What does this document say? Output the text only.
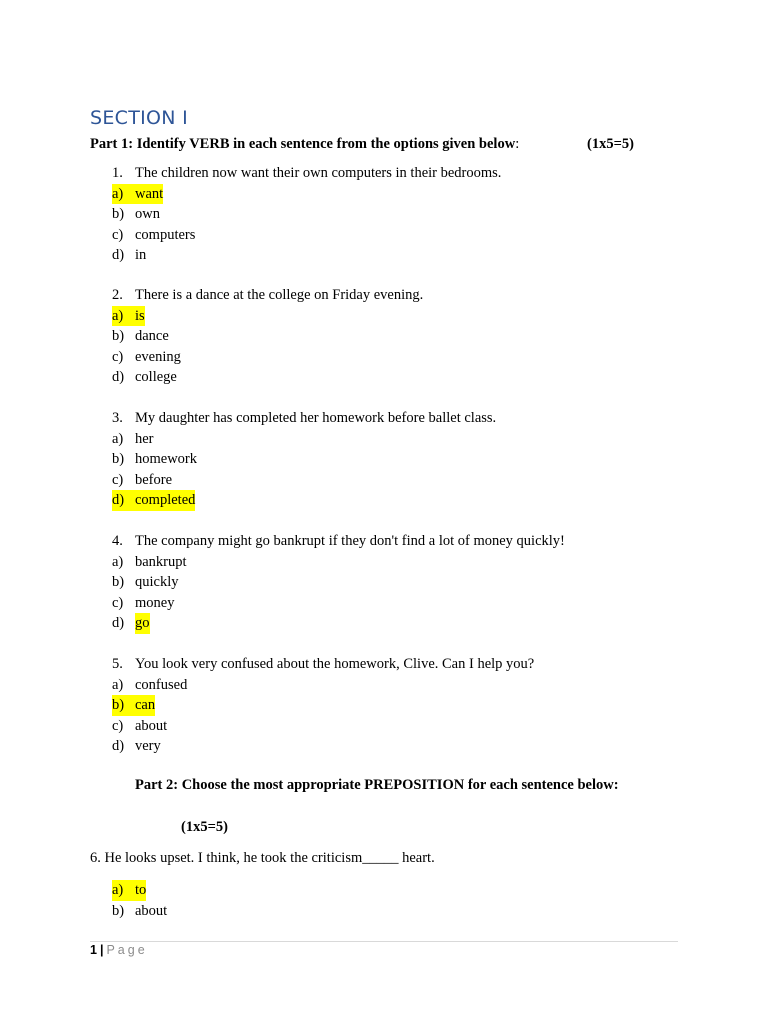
SECTION I
Part 1: Identify VERB in each sentence from the options given below:	(1x5=5)
1. The children now want their own computers in their bedrooms.
a) want
b) own
c) computers
d) in
2. There is a dance at the college on Friday evening.
a) is
b) dance
c) evening
d) college
3. My daughter has completed her homework before ballet class.
a) her
b) homework
c) before
d) completed
4. The company might go bankrupt if they don't find a lot of money quickly!
a) bankrupt
b) quickly
c) money
d) go
5. You look very confused about the homework, Clive. Can I help you?
a) confused
b) can
c) about
d) very
Part 2: Choose the most appropriate PREPOSITION for each sentence below:
(1x5=5)
6. He looks upset. I think, he took the criticism_____ heart.
a) to
b) about
1 | Page
